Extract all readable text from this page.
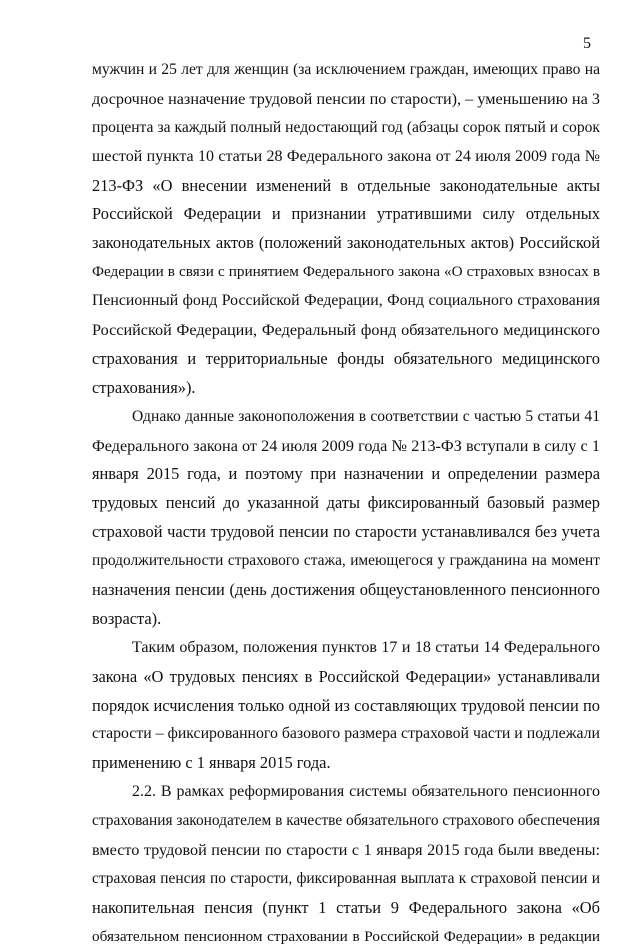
5
мужчин и 25 лет для женщин (за исключением граждан, имеющих право на
досрочное назначение трудовой пенсии по старости), – уменьшению на 3
процента за каждый полный недостающий год (абзацы сорок пятый и сорок
шестой пункта 10 статьи 28 Федерального закона от 24 июля 2009 года №
213-ФЗ «О внесении изменений в отдельные законодательные акты
Российской Федерации и признании утратившими силу отдельных
законодательных актов (положений законодательных актов) Российской
Федерации в связи с принятием Федерального закона «О страховых взносах в
Пенсионный фонд Российской Федерации, Фонд социального страхования
Российской Федерации, Федеральный фонд обязательного медицинского
страхования и территориальные фонды обязательного медицинского
страхования»).
Однако данные законоположения в соответствии с частью 5 статьи 41
Федерального закона от 24 июля 2009 года № 213-ФЗ вступали в силу с 1
января 2015 года, и поэтому при назначении и определении размера
трудовых пенсий до указанной даты фиксированный базовый размер
страховой части трудовой пенсии по старости устанавливался без учета
продолжительности страхового стажа, имеющегося у гражданина на момент
назначения пенсии (день достижения общеустановленного пенсионного
возраста).
Таким образом, положения пунктов 17 и 18 статьи 14 Федерального
закона «О трудовых пенсиях в Российской Федерации» устанавливали
порядок исчисления только одной из составляющих трудовой пенсии по
старости – фиксированного базового размера страховой части и подлежали
применению с 1 января 2015 года.
2.2. В рамках реформирования системы обязательного пенсионного
страхования законодателем в качестве обязательного страхового обеспечения
вместо трудовой пенсии по старости с 1 января 2015 года были введены:
страховая пенсия по старости, фиксированная выплата к страховой пенсии и
накопительная пенсия (пункт 1 статьи 9 Федерального закона «Об
обязательном пенсионном страховании в Российской Федерации» в редакции
